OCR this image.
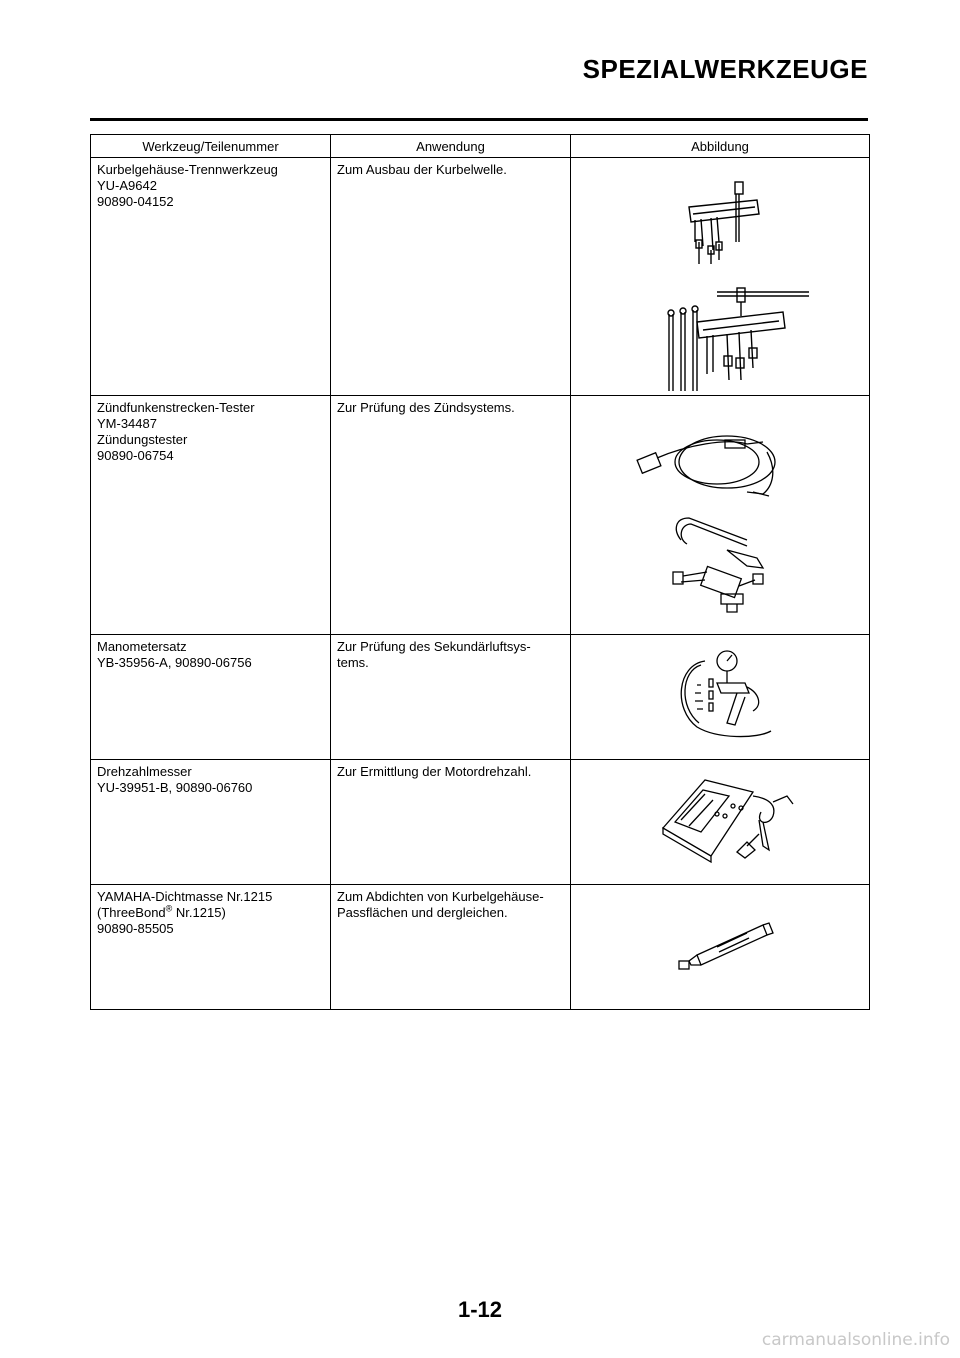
SPEZIALWERKZEUGE
Werkzeug/Teilenummer	Anwendung	Abbildung

Kurbelgehäuse-Trennwerkzeug
YU-A9642
90890-04152	Zum Ausbau der Kurbelwelle.

Zündfunkenstrecken-Tester
YM-34487
Zündungstester
90890-06754	Zur Prüfung des Zündsystems.

Manometersatz
YB-35956-A, 90890-06756	Zur Prüfung des Sekundärluftsys-
tems.

Drehzahlmesser
YU-39951-B, 90890-06760	Zur Ermittlung der Motordrehzahl.

YAMAHA-Dichtmasse Nr.1215
(ThreeBond® Nr.1215)
90890-85505	Zum Abdichten von Kurbelgehäuse-
Passflächen und dergleichen.

1-12
carmanualsonline.info
